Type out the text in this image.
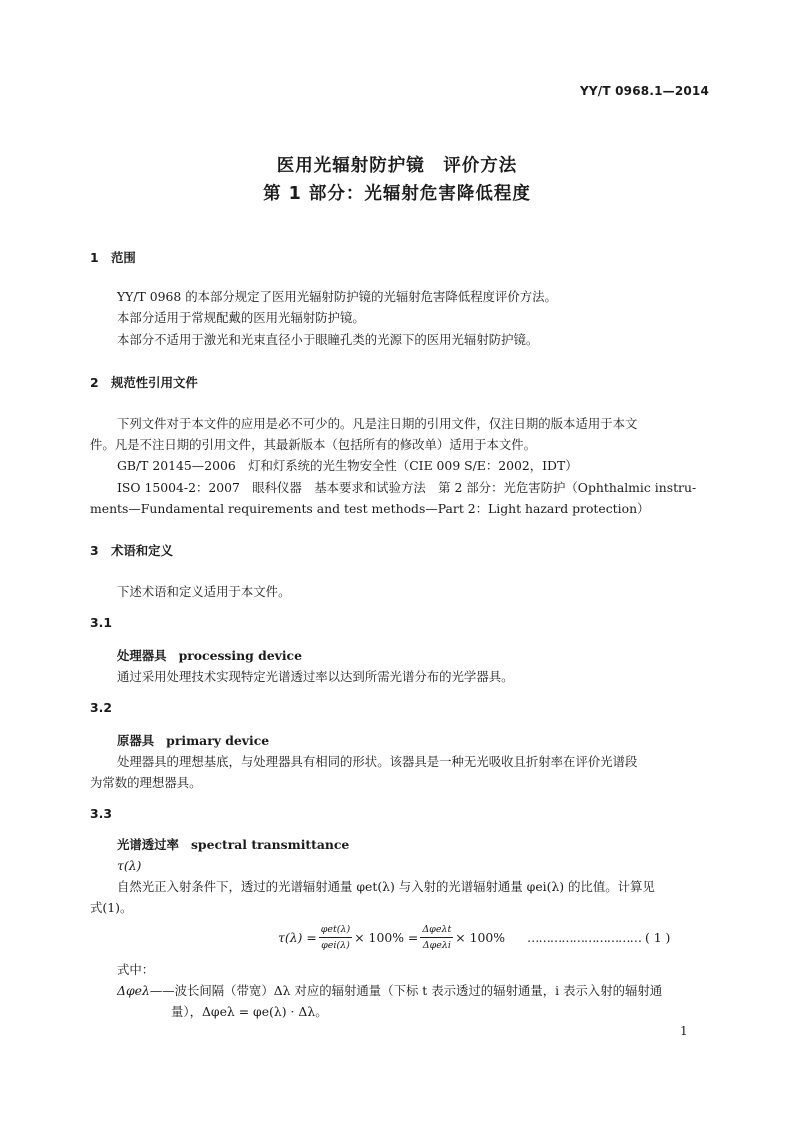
YY/T 0968.1—2014
医用光辐射防护镜　评价方法
第 1 部分：光辐射危害降低程度
1　范围
YY/T 0968 的本部分规定了医用光辐射防护镜的光辐射危害降低程度评价方法。
本部分适用于常规配戴的医用光辐射防护镜。
本部分不适用于激光和光束直径小于眼瞳孔类的光源下的医用光辐射防护镜。
2　规范性引用文件
下列文件对于本文件的应用是必不可少的。凡是注日期的引用文件，仅注日期的版本适用于本文
件。凡是不注日期的引用文件，其最新版本（包括所有的修改单）适用于本文件。
GB/T 20145—2006　灯和灯系统的光生物安全性（CIE 009 S/E：2002，IDT）
ISO 15004-2：2007　眼科仪器　基本要求和试验方法　第 2 部分：光危害防护（Ophthalmic instru-
ments—Fundamental requirements and test methods—Part 2：Light hazard protection）
3　术语和定义
下述术语和定义适用于本文件。
3.1
处理器具 processing device
通过采用处理技术实现特定光谱透过率以达到所需光谱分布的光学器具。
3.2
原器具 primary device
处理器具的理想基底，与处理器具有相同的形状。该器具是一种无光吸收且折射率在评价光谱段
为常数的理想器具。
3.3
光谱透过率 spectral transmittance
τ(λ)
自然光正入射条件下，透过的光谱辐射通量 φet(λ) 与入射的光谱辐射通量 φei(λ) 的比值。计算见
式(1)。
$\tau(\lambda) = \frac{\text{φet(λ)}}{\text{φei(λ)}} \times 100\% = \frac{\text{Δφeλt}}{\text{Δφeλi}} \times 100\%$ ………………………… ( 1 )
式中：
Δφeλ——波长间隔（带宽）Δλ 对应的辐射通量（下标 t 表示透过的辐射通量，i 表示入射的辐射通
量），Δφeλ = φe(λ) · Δλ。
1
